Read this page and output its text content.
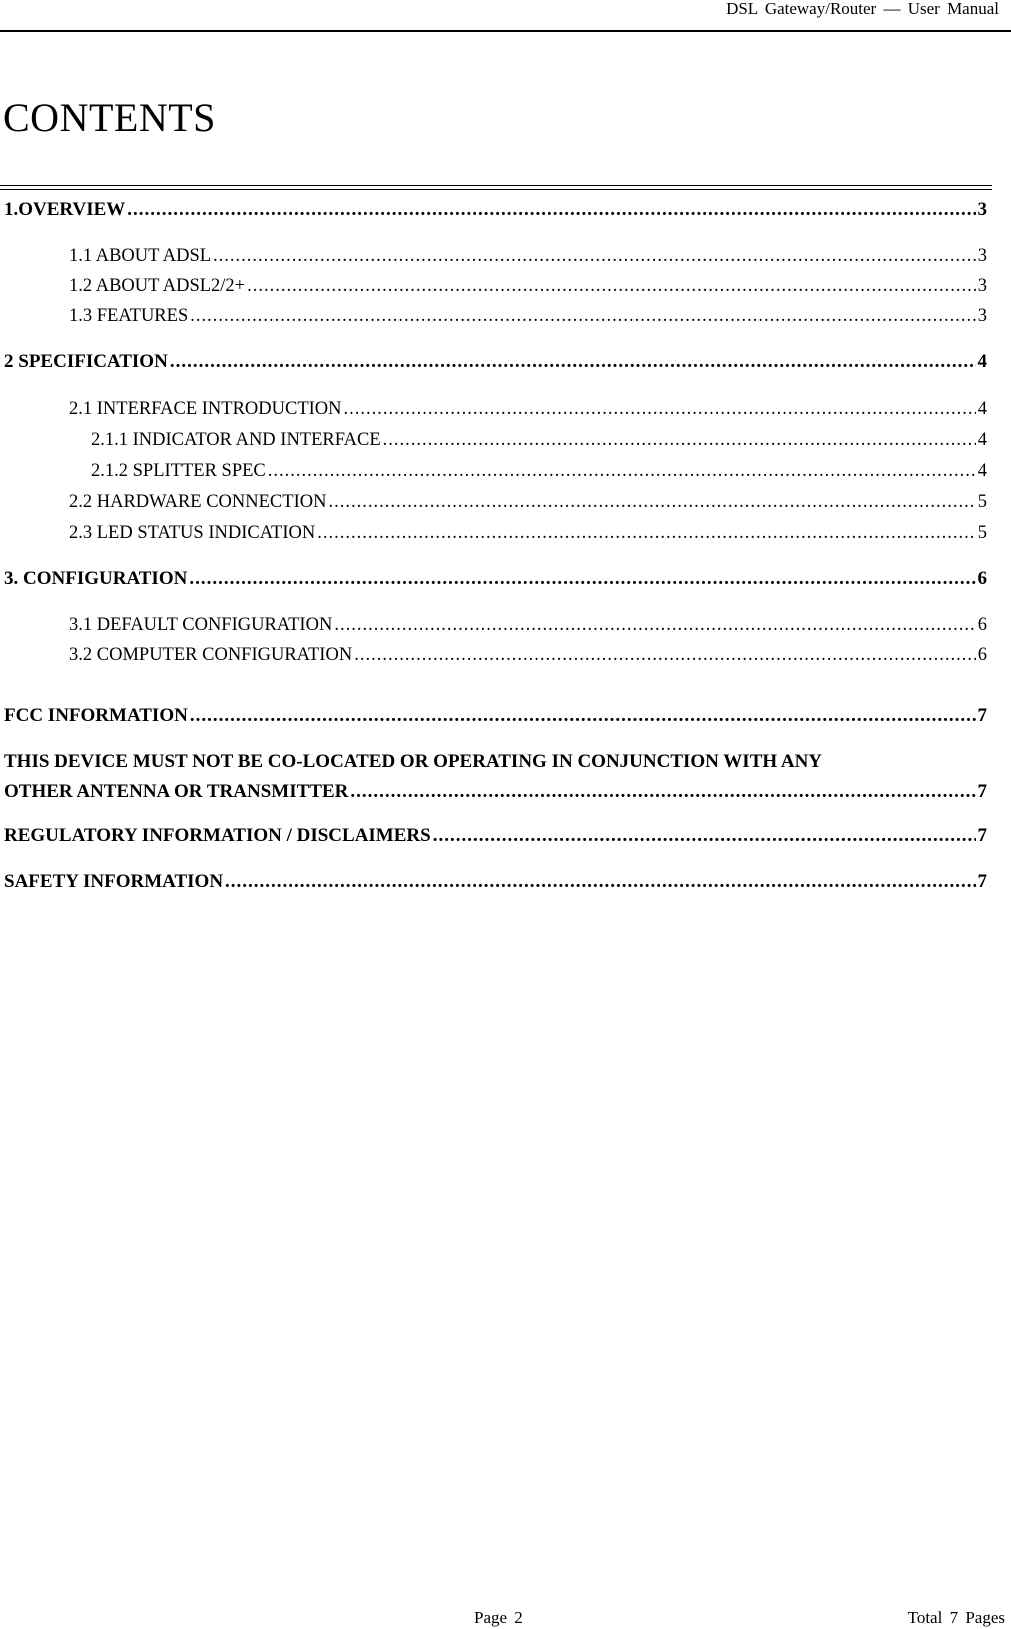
DSL Gateway/Router — User Manual
CONTENTS
1.OVERVIEW .....	3
1.1 ABOUT ADSL .....	3
1.2 ABOUT ADSL2/2+ .....	3
1.3 FEATURES .....	3
2 SPECIFICATION .....	4
2.1 INTERFACE INTRODUCTION .....	4
2.1.1 INDICATOR AND INTERFACE .....	4
2.1.2 SPLITTER SPEC .....	4
2.2 HARDWARE CONNECTION .....	5
2.3 LED STATUS INDICATION .....	5
3. CONFIGURATION .....	6
3.1 DEFAULT CONFIGURATION .....	6
3.2 COMPUTER CONFIGURATION .....	6
FCC INFORMATION .....	7
THIS DEVICE MUST NOT BE CO-LOCATED OR OPERATING IN CONJUNCTION WITH ANY
OTHER ANTENNA OR TRANSMITTER .....	7
REGULATORY INFORMATION / DISCLAIMERS .....	7
SAFETY INFORMATION .....	7
Page 2	Total 7 Pages
